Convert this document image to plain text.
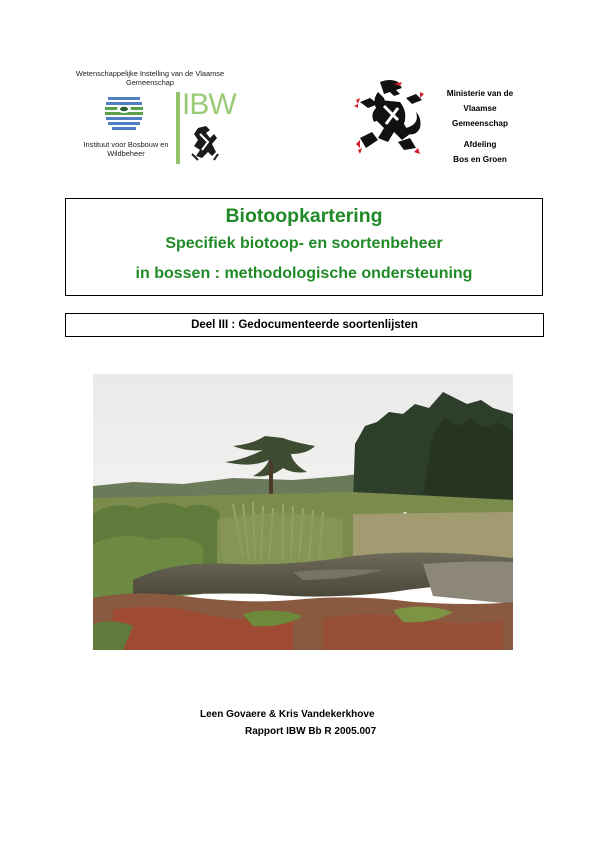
Wetenschappelijke Instelling van de Vlaamse Gemeenschap
Instituut voor Bosbouw en Wildbeheer
IBW	Ministerie van de
Vlaamse
Gemeenschap
Afdeling
Bos en Groen
Biotoopkartering
Specifiek biotoop- en soortenbeheer
in bossen : methodologische ondersteuning
Deel III : Gedocumenteerde soortenlijsten
Leen Govaere & Kris Vandekerkhove
Rapport IBW Bb R 2005.007
